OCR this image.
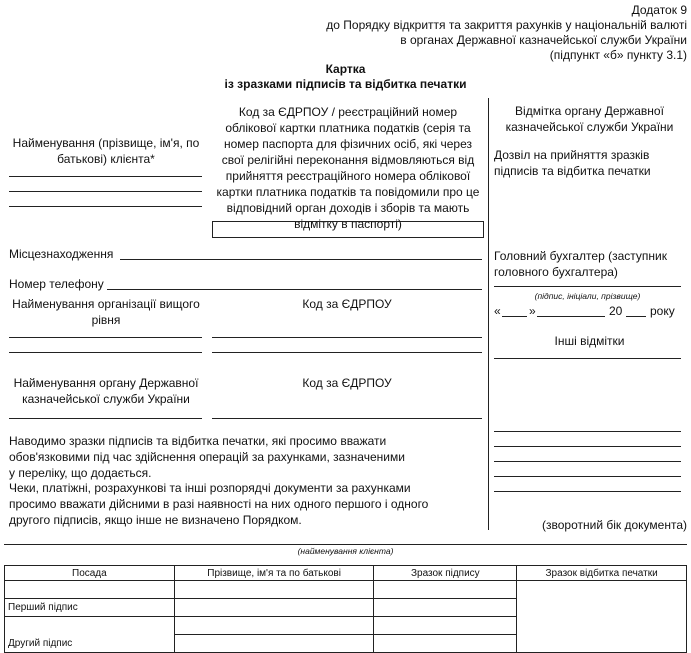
Додаток 9
до Порядку відкриття та закриття рахунків у національній валюті
в органах Державної казначейської служби України
(підпункт «б» пункту 3.1)
Картка
із зразками підписів та відбитка печатки
Найменування (прізвище, ім'я, по батькові) клієнта*
Код за ЄДРПОУ / реєстраційний номер облікової картки платника податків (серія та номер паспорта для фізичних осіб, які через свої релігійні переконання відмовляються від прийняття реєстраційного номера облікової картки платника податків та повідомили про це відповідний орган доходів і зборів та мають відмітку в паспорті)
Місцезнаходження
Номер телефону
Найменування організації вищого рівня
Код за ЄДРПОУ
Найменування органу Державної казначейської служби України
Код за ЄДРПОУ
Наводимо зразки підписів та відбитка печатки, які просимо вважати обов'язковими під час здійснення операцій за рахунками, зазначеними у переліку, що додається.
Чеки, платіжні, розрахункові та інші розпорядчі документи за рахунками просимо вважати дійсними в разі наявності на них одного першого і одного другого підписів, якщо інше не визначено Порядком.
Відмітка органу Державної казначейської служби України
Дозвіл на прийняття зразків підписів та відбитка печатки
Головний бухгалтер (заступник головного бухгалтера)
(підпис, ініціали, прізвище)
« »	20 року
Інші відмітки
(зворотний бік документа)
(найменування клієнта)
Посада	Прізвище, ім'я та по батькові	Зразок підпису	Зразок відбитка печатки

Перший підпис			

Другий підпис			
